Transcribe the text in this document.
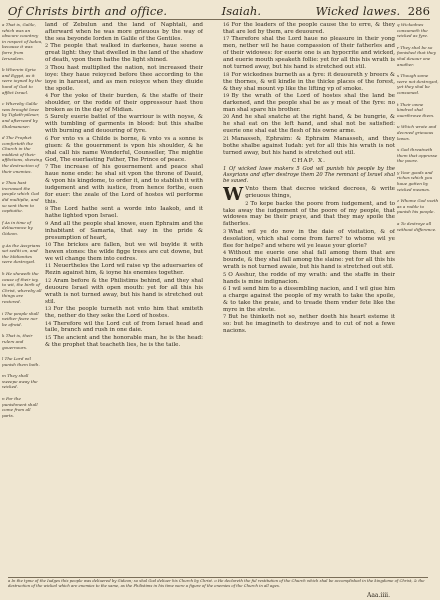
Of Christs birth and office.	Isaiah.	Wicked lawes. 286

a That is, Galile, which was an obscure countrey in respect of Iudea, because it was farre from Ierusalem.

b Wherein Syria and Egypt, as it were ioyned by the hand of God to afflict Israel.

c Whereby Galile was brought lowe by Tiglath-pileser, and afterward by Shalmaneser.

d The Prophet comforteth the Church in the middest of their afflictions, shewing the destruction of their enemies.

e Thou hast increased the people which God did multiplie, and so sent them to captiuitie.

f As in time of deliuerance by Gideon.

g As the Assyrians set sediti on, and the Midianites were destroyed.

h He sheweth the cause of their ioy, to wit, the birth of Christ, whereby all things are restored.

i The people shall neither feare nor be afraid.

k That is, their rulers and gouernours.

l The Lord wil punish them both.

m They shall sweepe away the wicked.

n For the punishment shall come from all parts.

land of Zebulun and the land of Naphtali, and afterward when he was more grieuous by the way of the sea beyonde Iorden in Galile of the Gentiles.

2 The people that walked in darkenes, haue seene a great light: they that dwelled in the land of the shadow of death, vpon them hathe the light shined.

3 Thou hast multiplied the nation, not increased their ioye: they haue reioyced before thee according to the ioye in haruest, and as men reioyce when they diuide the spoile.

4 For the yoke of their burden, & the staffe of their shoulder, or the rodde of their oppressour hast thou broken as in the day of Midian.

5 Surely euerie battel of the warriour is with noyse, & with tumbling of garments in blood: but this shalbe with burning and deuouring of fyre.

6 For vnto vs a Childe is borne, & vnto vs a sonne is giuen: & the gouernment is vpon his shoulder, & he shal call his name Wonderful, Counseller, The mightie God, The euerlasting Father, The Prince of peace.

7 The increase of his gouernement and peace shal haue none ende: he shal sit vpon the throne of Dauid, & vpon his kingdome, to order it, and to stablish it with iudgement and with iustice, from hence forthe, euen for euer: the zeale of the Lord of hostes wil performe this.

8 The Lord hathe sent a worde into Iaakob, and it hathe lighted vpon Israel.

9 And all the people shal knowe, euen Ephraim and the inhabitant of Samaria, that say in the pride & presumption of heart,

10 The brickes are fallen, but we wil buylde it with hewen stones: the wilde figge trees are cut downe, but we wil change them into cedres.

11 Neuertheles the Lord wil raise vp the aduersaries of Rezin against him, & ioyne his enemies together.

12 Aram before & the Philistims behind, and they shal deuoure Israel with open mouth: yet for all this his wrath is not turned away, but his hand is stretched out stil.

13 For the people turneth not vnto him that smiteth the, nether do they seke the Lord of hostes.

14 Therefore wil the Lord cut of from Israel head and taile, branch and rush in one daie.

15 The ancient and the honorable man, he is the head: & the prophet that teacheth lies, he is the taile.

16 For the leaders of the people cause the to erre, & they that are led by them, are deuoured.

17 Therefore shal the Lord haue no pleasure in their yong men, nether wil he haue compassion of their fatherles and of their widowes: for euerie one is an hypocrite and wicked, and euerie mouth speaketh follie: yet for all this his wrath is not turned away, but his hand is stretched out stil.

18 For wickednes burneth as a fyre: it deuoureth y breers & the thornes, & wil kindle in the thicke places of the forest, & they shal mount vp like the lifting vp of smoke.

19 By the wrath of the Lord of hostes shal the land be darkened, and the people shal be as y meat of the fyre: no man shal spare his brother.

20 And he shal snatche at the right hand, & be hungrie, & he shal eat on the left hand, and shal not be satisfied: euerie one shal eat the flesh of his owne arme.

21 Manasseh, Ephraim: & Ephraim Manasseh, and they bothe shalbe against Iudah: yet for all this his wrath is not turned away, but his hand is stretched out stil.

CHAP. X.
1 Of wicked lawe makers 5 God wil punish his people by the Assyrians and after destroye them 20 The remnant of Israel shal be saued.

W Vnto them that decree wicked decrees, & write grieuous things,

2 To kepe backe the poore from iudgement, and to take away the iudgement of the poore of my people, that widowes may be their praye, and that they may spoile the fatherles.

3 What wil ye do now in the daie of visitation, & of desolation, which shal come from farre? to whome wil ye flee for helpe? and where wil ye leaue your glorie?

4 Without me euerie one shal fall among them that are bounde, & they shal fall among the slaine: yet for all this his wrath is not turned awaie, but his hand is stretched out stil.

5 O Asshur, the rodde of my wrath: and the staffe in their hands is mine indignacion.

6 I wil send him to a dissembling nacion, and I wil giue him a charge against the people of my wrath to take the spoile, & to take the praie, and to treade them vnder fete like the myre in the strete.

7 But he thinketh not so, nether doeth his heart esteme it so: but he imagineth to destroye and to cut of not a fewe nacions.

q Wickednes consumeth the wicked as fyre.

r They shal be so famished that they shal deuour one another.

s Though some were not destroyed, yet they shal be consumed.

t Their owne kindred shal ouerthrowe them.

u Which wrote and decreed grieuous lawes.

x God threatneth them that oppresse the poore.

y Your goods and riches which you haue gotten by wicked meanes.

z Whome God vseth as a rodde to punish his people.

a To destroye all without difference.

a In the tyme of the Iudges this people was deliuered by Gideon; so shal God deliuer his Church by Christ. o He declareth the ful restitution of the Church which shal be accomplished in the kingdome of Christ, & the destruction of the wicked which are enemies to the same, as the Philistims in his time were a figure of the enemies of the Church in all ages.
Aaa.iiii.
